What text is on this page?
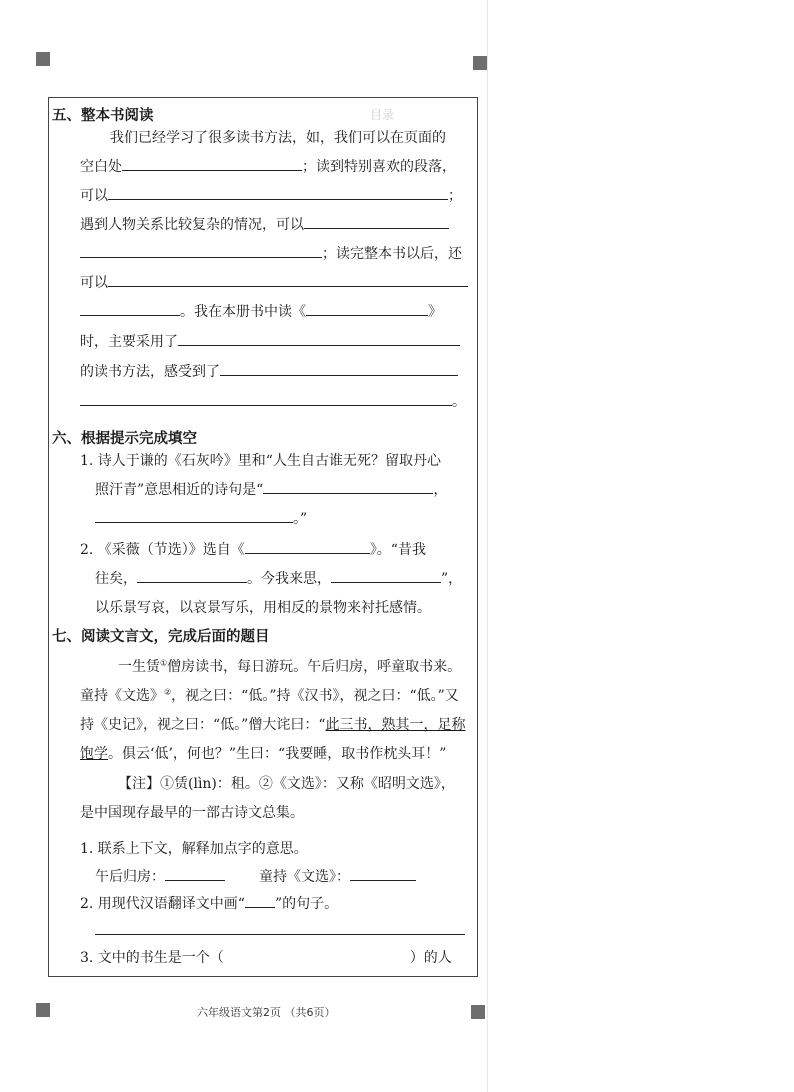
目录
五、整本书阅读
我们已经学习了很多读书方法，如，我们可以在页面的
空白处	；读到特别喜欢的段落，
可以	；
遇到人物关系比较复杂的情况，可以
；读完整本书以后，还
可以
。我在本册书中读《	》
时，主要采用了
的读书方法，感受到了
。
六、根据提示完成填空
1. 诗人于谦的《石灰吟》里和“人生自古谁无死？留取丹心
照汗青”意思相近的诗句是“	，
。”
2. 《采薇（节选）》选自《	》。“昔我
往矣，	。今我来思，	”，
以乐景写哀，以哀景写乐，用相反的景物来衬托感情。
七、阅读文言文，完成后面的题目
一生赁①僧房读书，每日游玩。午后归房，呼童取书来。
童持《文选》②，视之曰：“低。”持《汉书》，视之曰：“低。”又
持《史记》，视之曰：“低。”僧大诧曰：“此三书，熟其一，足称
饱学。俱云‘低’，何也？”生曰：“我要睡，取书作枕头耳！”
【注】①赁(lìn)：租。②《文选》：又称《昭明文选》，
是中国现存最早的一部古诗文总集。
1. 联系上下文，解释加点字的意思。
午后归房：	童持《文选》：
2. 用现代汉语翻译文中画“ ”的句子。
3. 文中的书生是一个（	）的人
六年级语文第2页 （共6页）
